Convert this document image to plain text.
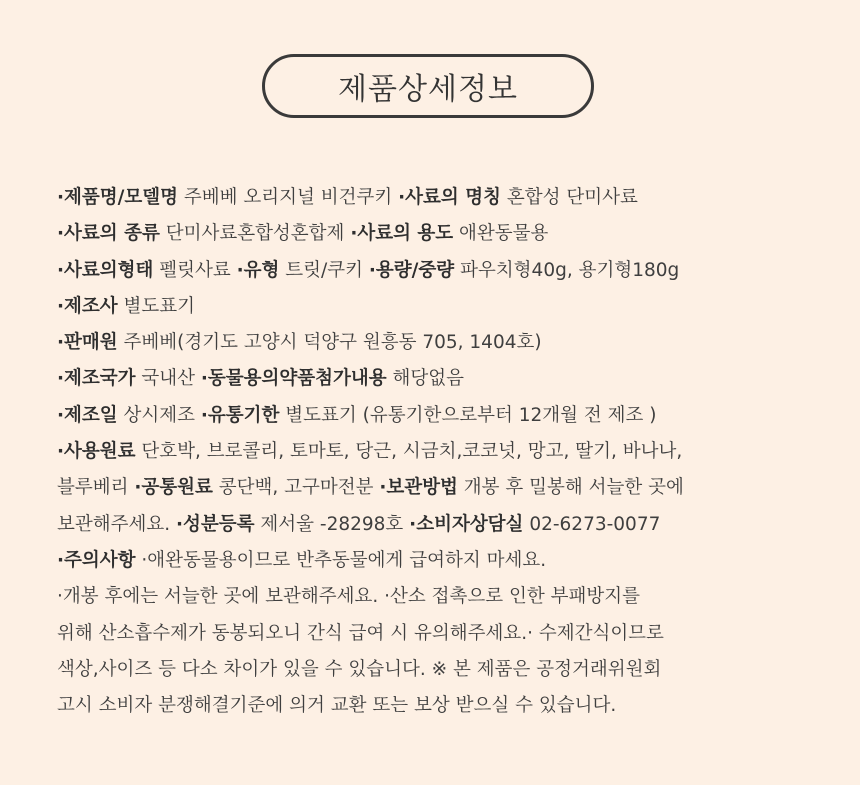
제품상세정보
·제품명/모델명 주베베 오리지널 비건쿠키 ·사료의 명칭 혼합성 단미사료
·사료의 종류 단미사료혼합성혼합제 ·사료의 용도 애완동물용
·사료의형태 펠릿사료 ·유형 트릿/쿠키 ·용량/중량 파우치형40g, 용기형180g
·제조사 별도표기
·판매원 주베베(경기도 고양시 덕양구 원흥동 705, 1404호)
·제조국가 국내산 ·동물용의약품첨가내용 해당없음
·제조일 상시제조 ·유통기한 별도표기 (유통기한으로부터 12개월 전 제조 )
·사용원료 단호박, 브로콜리, 토마토, 당근, 시금치,코코넛, 망고, 딸기, 바나나,
블루베리 ·공통원료 콩단백, 고구마전분 ·보관방법 개봉 후 밀봉해 서늘한 곳에
보관해주세요. ·성분등록 제서울 -28298호 ·소비자상담실 02-6273-0077
·주의사항 ·애완동물용이므로 반추동물에게 급여하지 마세요.
·개봉 후에는 서늘한 곳에 보관해주세요. ·산소 접촉으로 인한 부패방지를
위해 산소흡수제가 동봉되오니 간식 급여 시 유의해주세요.· 수제간식이므로
색상,사이즈 등 다소 차이가 있을 수 있습니다. ※ 본 제품은 공정거래위원회
고시 소비자 분쟁해결기준에 의거 교환 또는 보상 받으실 수 있습니다.
